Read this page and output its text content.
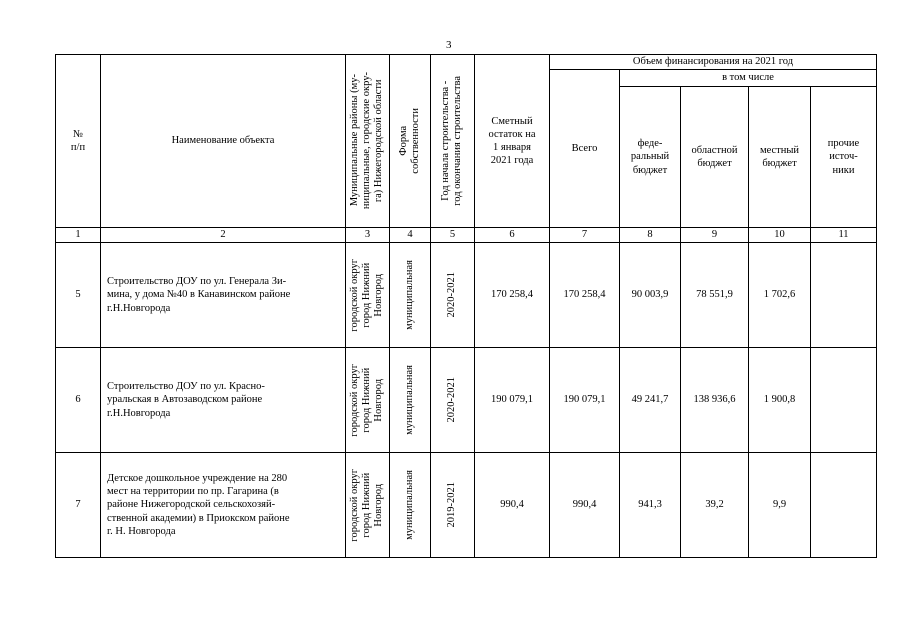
3
№
п/п	Наименование объекта	Муниципальные районы (му-
ниципальные, городские окру-
га) Нижегородской области	Форма
собственности	Год начала строительства -
год окончания строительства	Сметный
остаток на
1 января
2021 года	Объем финансирования на 2021 год				
						Всего	в том числе			
							феде-
ральный
бюджет	областной
бюджет	местный
бюджет	прочие
источ-
ники
1	2	3	4	5	6	7	8	9	10	11
5	Строительство ДОУ по ул. Генерала Зи-
мина, у дома №40 в Канавинском районе
г.Н.Новгорода	городской округ
город Нижний
Новгород	муниципальная	2020-2021	170 258,4	170 258,4	90 003,9	78 551,9	1 702,6	
6	Строительство ДОУ по ул. Красно-
уральская в Автозаводском районе
г.Н.Новгорода	городской округ
город Нижний
Новгород	муниципальная	2020-2021	190 079,1	190 079,1	49 241,7	138 936,6	1 900,8	
7	Детское дошкольное учреждение на 280
мест на территории по пр. Гагарина (в
районе Нижегородской сельскохозяй-
ственной академии) в Приокском районе
г. Н. Новгорода	городской округ
город Нижний
Новгород	муниципальная	2019-2021	990,4	990,4	941,3	39,2	9,9	
